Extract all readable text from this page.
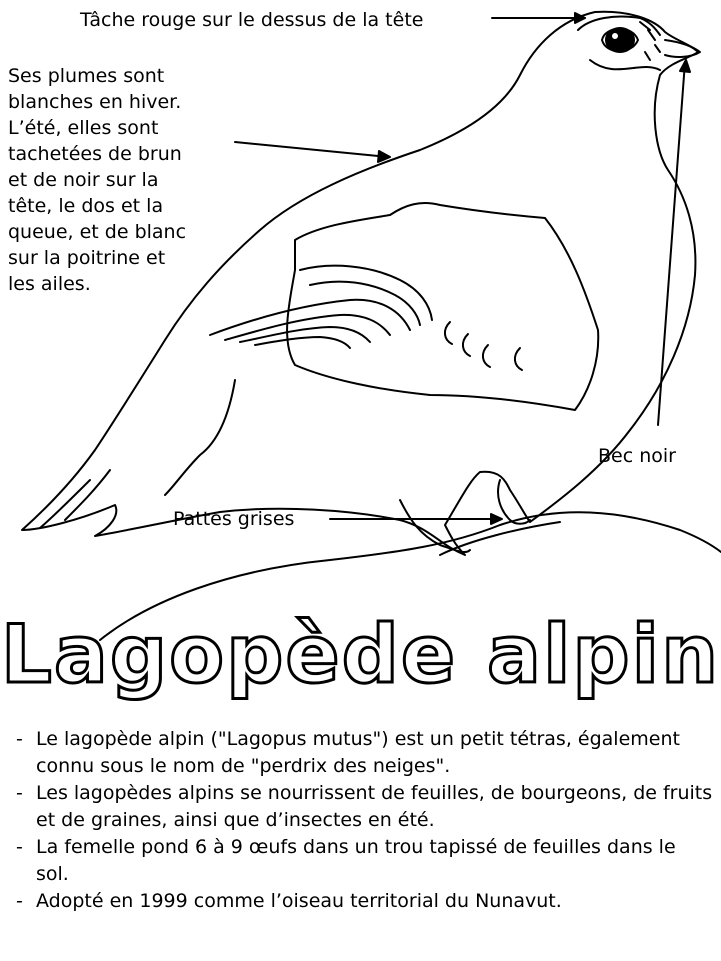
Tâche rouge sur le dessus de la tête
Ses plumes sont
blanches en hiver.
L’été, elles sont
tachetées de brun
et de noir sur la
tête, le dos et la
queue, et de blanc
sur la poitrine et
les ailes.
Bec noir
Pattes grises
Lagopède alpin
- Le lagopède alpin ("Lagopus mutus") est un petit tétras, également connu sous le nom de "perdrix des neiges".
- Les lagopèdes alpins se nourrissent de feuilles, de bourgeons, de fruits et de graines, ainsi que d’insectes en été.
- La femelle pond 6 à 9 œufs dans un trou tapissé de feuilles dans le sol.
- Adopté en 1999 comme l’oiseau territorial du Nunavut.
